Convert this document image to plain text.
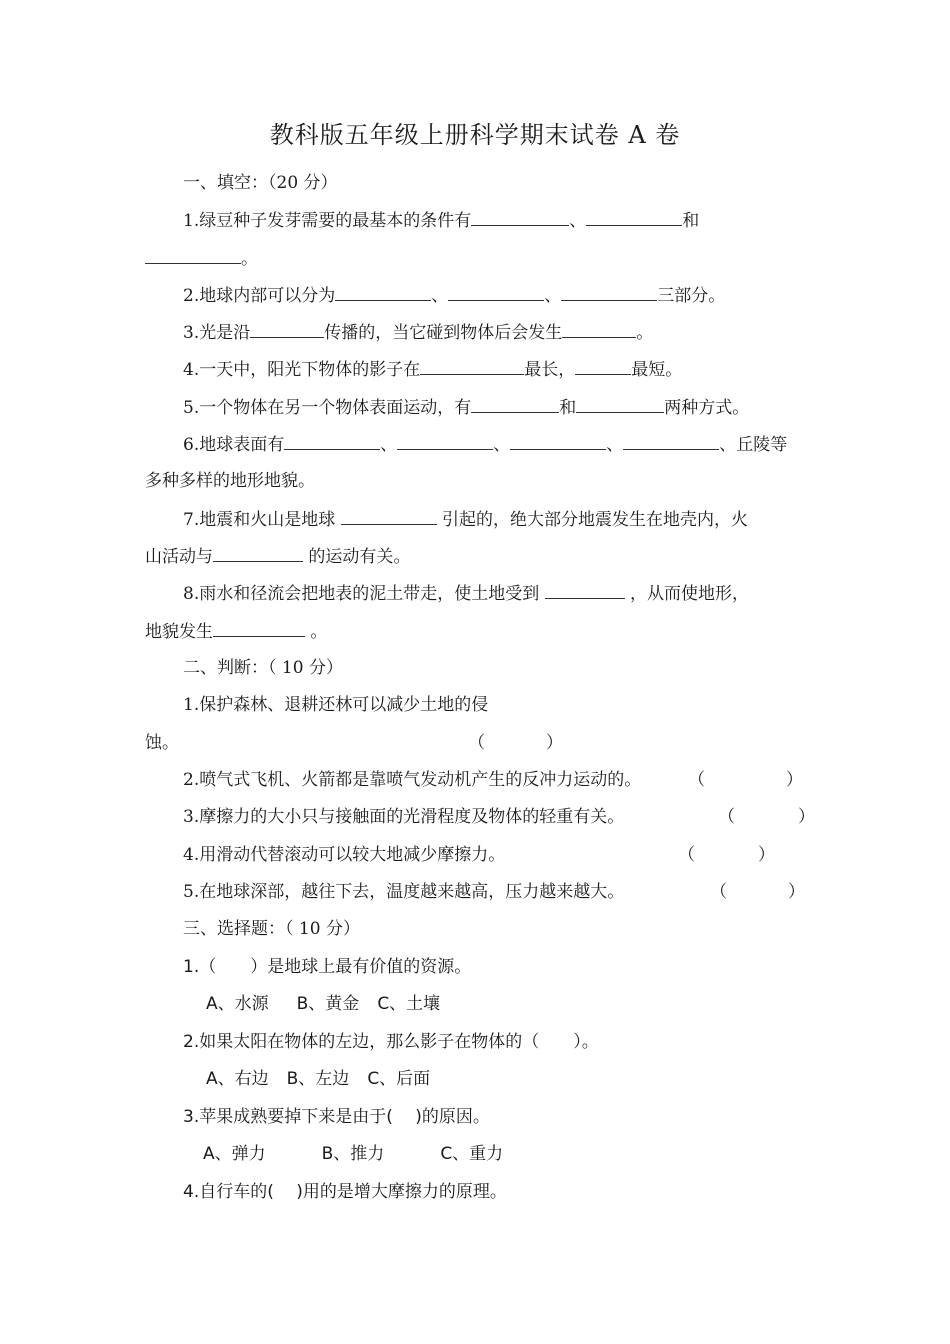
教科版五年级上册科学期末试卷 A 卷
一、填空：（20 分）
1.绿豆种子发芽需要的最基本的条件有	、	和
。
2.地球内部可以分为	、	、	三部分。
3.光是沿	传播的，当它碰到物体后会发生	。
4.一天中，阳光下物体的影子在	最长，	最短。
5.一个物体在另一个物体表面运动，有	和	两种方式。
6.地球表面有	、	、	、	、丘陵等
多种多样的地形地貌。
7.地震和火山是地球	引起的，绝大部分地震发生在地壳内，火
山活动与	的运动有关。
8.雨水和径流会把地表的泥土带走，使土地受到	，从而使地形，
地貌发生	。
二、判断：（ 10 分）
1.保护森林、退耕还林可以减少土地的侵
蚀。	（	）
2.喷气式飞机、火箭都是靠喷气发动机产生的反冲力运动的。	（	）
3.摩擦力的大小只与接触面的光滑程度及物体的轻重有关。	（	）
4.用滑动代替滚动可以较大地减少摩擦力。	（	）
5.在地球深部，越往下去，温度越来越高，压力越来越大。	（	）
三、选择题：（ 10 分）
1.（　　）是地球上最有价值的资源。
A、水源 B、黄金 C、土壤
2.如果太阳在物体的左边，那么影子在物体的（　　）。
A、右边 B、左边 C、后面
3.苹果成熟要掉下来是由于(　 )的原因。
A、弹力	B、推力	C、重力
4.自行车的(　 )用的是增大摩擦力的原理。
